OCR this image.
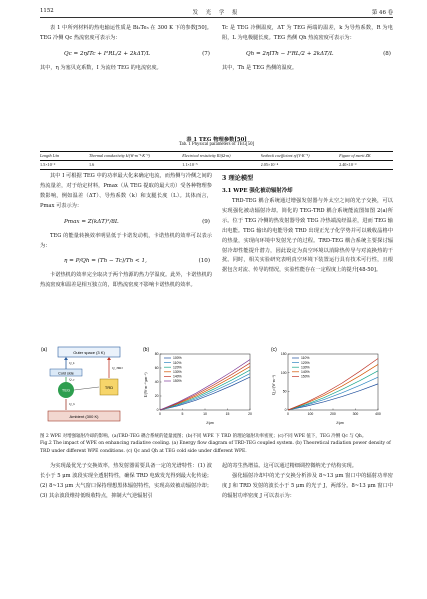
1152	发 光 学 报	第 46 卷

表 1 中所列材料的热电输运性质是 Bi₂Te₃ 在 300 K 下的参数[50]。TEG 冷侧 Qc 热流密度可表示为：

Qc = 2ηITc + I²RL/2 + 2kΔT/L	(7)

其中，η 为塞贝克系数，I 为流经 TEG 的电流密度。

Tc 是 TEG 冷侧温度，ΔT 为 TEG 两端的温差，k 为导热系数，R 为电阻，L 为电极腿长度。TEG 热侧 Qh 热流密度可表示为：

Qh = 2ηITh − I²RL/2 + 2kΔT/L	(8)

其中，Th 是 TEG 热侧的温度。

表 1 TEG 物理参数[50]
Tab. 1 Physical parameters of TEG[50]
Length L/m	Thermal conductivity k/(W·m⁻¹·K⁻¹)	Electrical resistivity R/(Ω·m)	Seebeck coefficient η/(V·K⁻¹)	Figure of merit ZK
1.5×10⁻³	1.6	1.1×10⁻⁵	2.05×10⁻⁴	2.40×10⁻³

其中 I 可根据 TEG 中的功率最大化来确定电流，而热侧与冷侧之间的热流量差，对于给定材料，Pmax（从 TEG 提取的最大功）受各种物理参数影响，例如温差（ΔT）、导热系数（k）和支腿长度（L）。其体而言，Pmax 可表示为：

Pmax = Z(kΔT)²/8L	(9)

TEG 的能量转换效率明显低于卡诺发动机，卡诺热机的效率可以表示为：

η = P/Qh = (Th − Tc)/Th < 1,	(10)

卡诺热机的效率完全取决于两个热源的热力学温度。此外，卡诺热机的热流密度和温差是相互独立的，即热流密度不影响卡诺热机的效率。

3 理论模型
3.1 WPE 强化被动辐射冷却

TRD-TEG 耦合系统通过增强发射器与外太空之间的光子交换，可以实现强化被动辐射冷却。简化的 TEG-TRD 耦合系统能流图如图 2(a)所示。位于 TEG 冷侧的热发射器导致 TEG 冷热端流经温差，进而 TEG 输出电能。TEG 输出的电能导致 TRD 出现正光子化学势并可以吸收晶格中的热量，实现向环境中发射光子的过程。TRD-TEG 耦合系统主要探讨辐射冷却性能提升潜力，因此设定为真空环境以消除热传导与对流换热的干扰。同时，相关实验研究表明真空环境下装置运行具有技术可行性，且根据包含对流、传导的情况，实验性能存在一定程度上的提升[48-50]。

(a)	Outer space (3 K)
Cold side
TEG	TRD
Ambient (300 K)
Q_L
Q_c
Q_h
Q_TRD
(b)
0	5	10	15	20
0
20
40
60
80
100%
110%
120%
130%
140%
150%
λ/μm
E/(W·m⁻²·μm⁻¹)
(c)
0	100	200	300	400
0
50
100
150
110%
120%
130%
140%
150%
λ/μm
Q_c/(W·m⁻²)

图 2 WPE 对增强辐射冷却的影响。(a)TRD-TEG 耦合系统的能量流图；(b)不同 WPE 下 TRD 的理论辐射功率密度；(c)不同 WPE 值下，TEG 冷侧 Qc 与 Qh。

Fig.2 The impact of WPE on enhancing radiative cooling. (a) Energy flow diagram of TRD-TEG coupled system. (b) Theoretical radiation power density of TRD under different WPE conditions. (c) Qc and Qh at TEG cold side under different WPE.

为实现最优光子交换效率，热发射器需要具备一定的光谱特性：(1) 波长小于 5 μm 波段实现全透射特性，确保 TRD 电致发光得到最大化传递；(2) 8~13 μm 大气窗口保持理想黑体辐射特性，实现高效被动辐射冷却；(3) 其余波段维持低吸收特点，抑制大气逆辐射引

起的寄生热增益。这可以通过精细调控微纳光子结构实现。

强化辐射冷却中的光子交换分析涉及 8~13 μm 窗口中的辐射功率密度 J 和 TRD 发射的波长小于 5 μm 的光子 J，两部分。8~13 μm 窗口中的辐射功率密度 J 可以表示为：
